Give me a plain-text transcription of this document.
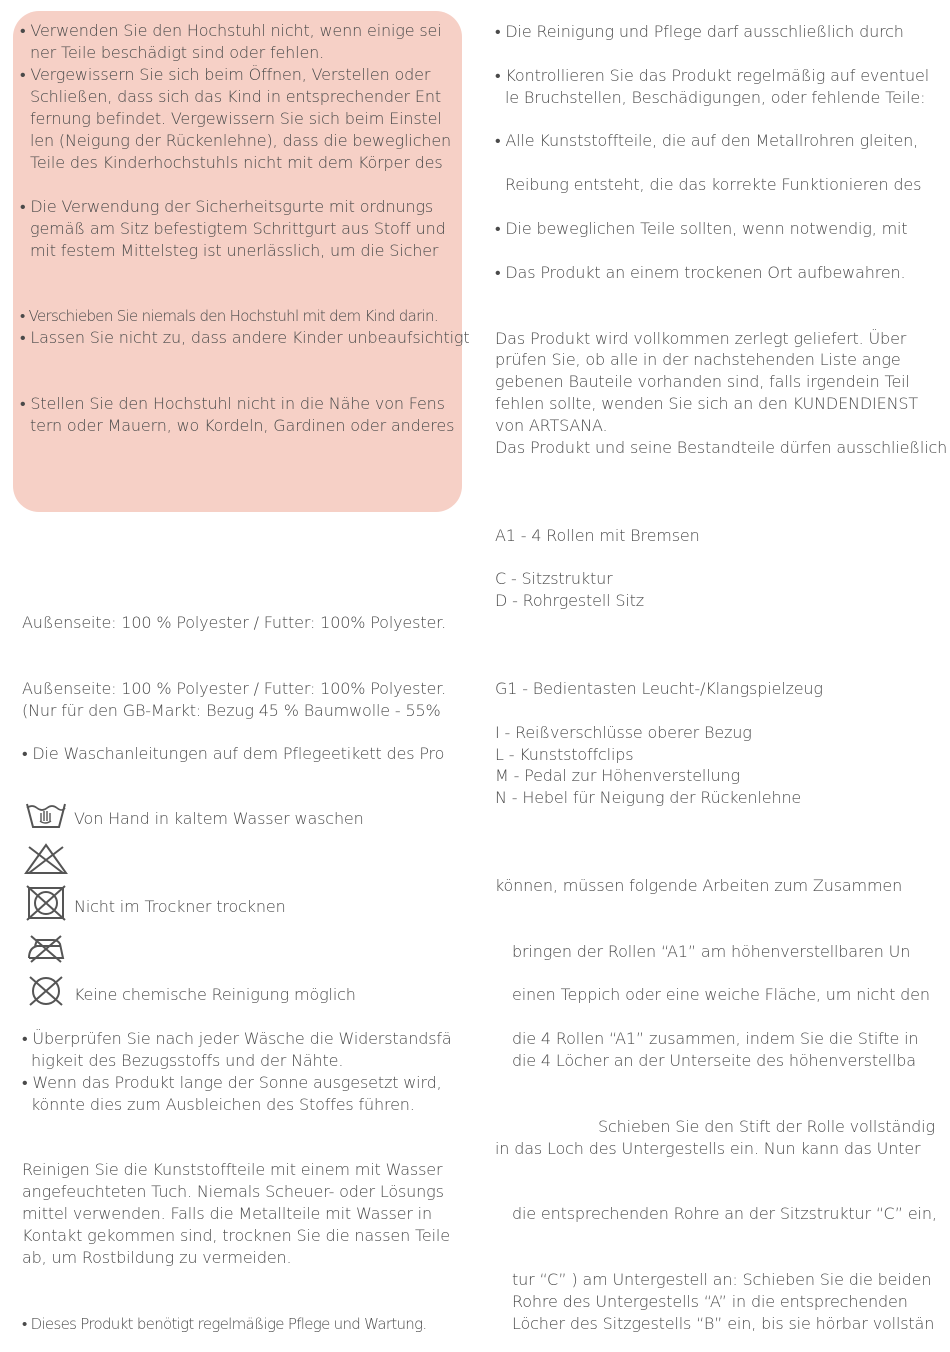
• Verwenden Sie den Hochstuhl nicht, wenn einige sei
ner Teile beschädigt sind oder fehlen.
• Vergewissern Sie sich beim Öffnen, Verstellen oder
Schließen, dass sich das Kind in entsprechender Ent
fernung befindet. Vergewissern Sie sich beim Einstel
len (Neigung der Rückenlehne), dass die beweglichen
Teile des Kinderhochstuhls nicht mit dem Körper des
• Die Verwendung der Sicherheitsgurte mit ordnungs
gemäß am Sitz befestigtem Schrittgurt aus Stoff und
mit festem Mittelsteg ist unerlässlich, um die Sicher
• Verschieben Sie niemals den Hochstuhl mit dem Kind darin.
• Lassen Sie nicht zu, dass andere Kinder unbeaufsichtigt
• Stellen Sie den Hochstuhl nicht in die Nähe von Fens
tern oder Mauern, wo Kordeln, Gardinen oder anderes
Außenseite: 100 % Polyester / Futter: 100% Polyester.
Außenseite: 100 % Polyester / Futter: 100% Polyester.
(Nur für den GB-Markt: Bezug 45 % Baumwolle - 55%
• Die Waschanleitungen auf dem Pflegeetikett des Pro
Von Hand in kaltem Wasser waschen
Nicht im Trockner trocknen
Keine chemische Reinigung möglich
• Überprüfen Sie nach jeder Wäsche die Widerstandsfä
higkeit des Bezugsstoffs und der Nähte.
• Wenn das Produkt lange der Sonne ausgesetzt wird,
könnte dies zum Ausbleichen des Stoffes führen.
Reinigen Sie die Kunststoffteile mit einem mit Wasser
angefeuchteten Tuch. Niemals Scheuer- oder Lösungs
mittel verwenden. Falls die Metallteile mit Wasser in
Kontakt gekommen sind, trocknen Sie die nassen Teile
ab, um Rostbildung zu vermeiden.
• Dieses Produkt benötigt regelmäßige Pflege und Wartung.
• Die Reinigung und Pflege darf ausschließlich durch
• Kontrollieren Sie das Produkt regelmäßig auf eventuel
le Bruchstellen, Beschädigungen, oder fehlende Teile:
• Alle Kunststoffteile, die auf den Metallrohren gleiten,
Reibung entsteht, die das korrekte Funktionieren des
• Die beweglichen Teile sollten, wenn notwendig, mit
• Das Produkt an einem trockenen Ort aufbewahren.
Das Produkt wird vollkommen zerlegt geliefert. Über
prüfen Sie, ob alle in der nachstehenden Liste ange
gebenen Bauteile vorhanden sind, falls irgendein Teil
fehlen sollte, wenden Sie sich an den KUNDENDIENST
von ARTSANA.
Das Produkt und seine Bestandteile dürfen ausschließlich
A1 - 4 Rollen mit Bremsen
C - Sitzstruktur
D - Rohrgestell Sitz
G1 - Bedientasten Leucht-/Klangspielzeug
I - Reißverschlüsse oberer Bezug
L - Kunststoffclips
M - Pedal zur Höhenverstellung
N - Hebel für Neigung der Rückenlehne
können, müssen folgende Arbeiten zum Zusammen
bringen der Rollen “A1” am höhenverstellbaren Un
einen Teppich oder eine weiche Fläche, um nicht den
die 4 Rollen “A1” zusammen, indem Sie die Stifte in
die 4 Löcher an der Unterseite des höhenverstellba
Schieben Sie den Stift der Rolle vollständig
in das Loch des Untergestells ein. Nun kann das Unter
die entsprechenden Rohre an der Sitzstruktur “C” ein,
tur “C” ) am Untergestell an: Schieben Sie die beiden
Rohre des Untergestells “A” in die entsprechenden
Löcher des Sitzgestells “B” ein, bis sie hörbar vollstän
